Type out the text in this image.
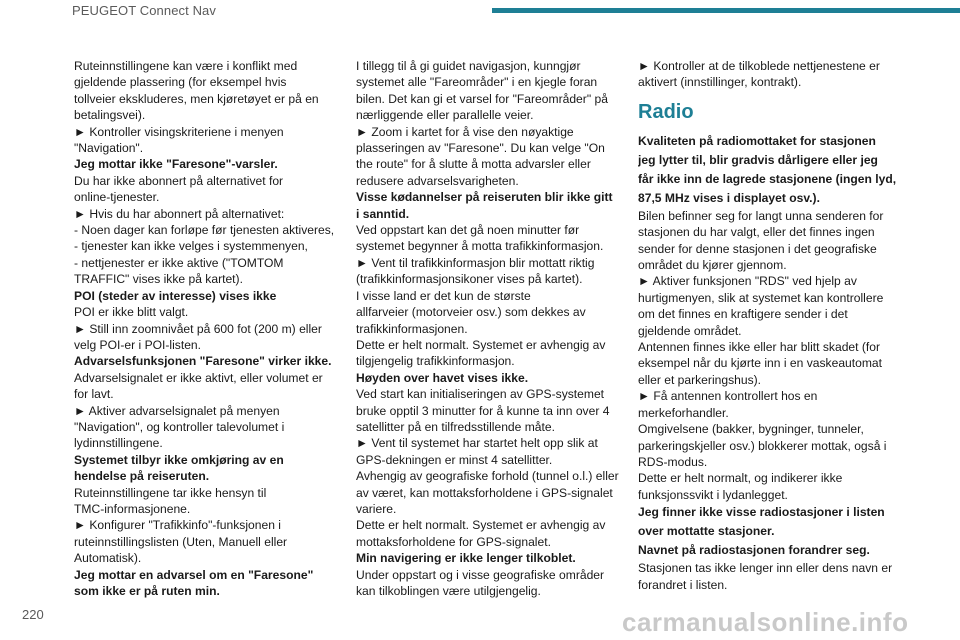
PEUGEOT Connect Nav
Ruteinnstillingene kan være i konflikt med
gjeldende plassering (for eksempel hvis
tollveier ekskluderes, men kjøretøyet er på en
betalingsvei).
► Kontroller visingskriteriene i menyen
"Navigation".
Jeg mottar ikke "Faresone"-varsler.
Du har ikke abonnert på alternativet for
online-tjenester.
► Hvis du har abonnert på alternativet:
- Noen dager kan forløpe før tjenesten aktiveres,
- tjenester kan ikke velges i systemmenyen,
- nettjenester er ikke aktive ("TOMTOM
TRAFFIC" vises ikke på kartet).
POI (steder av interesse) vises ikke
POI er ikke blitt valgt.
► Still inn zoomnivået på 600 fot (200 m) eller
velg POI-er i POI-listen.
Advarselsfunksjonen "Faresone" virker ikke.
Advarselsignalet er ikke aktivt, eller volumet er
for lavt.
► Aktiver advarselsignalet på menyen
"Navigation", og kontroller talevolumet i
lydinnstillingene.
Systemet tilbyr ikke omkjøring av en
hendelse på reiseruten.
Ruteinnstillingene tar ikke hensyn til
TMC-informasjonene.
► Konfigurer "Trafikkinfo"-funksjonen i
ruteinnstillingslisten (Uten, Manuell eller
Automatisk).
Jeg mottar en advarsel om en "Faresone"
som ikke er på ruten min.
I tillegg til å gi guidet navigasjon, kunngjør
systemet alle "Fareområder" i en kjegle foran
bilen. Det kan gi et varsel for "Fareområder" på
nærliggende eller parallelle veier.
► Zoom i kartet for å vise den nøyaktige
plasseringen av "Faresone". Du kan velge "On
the route" for å slutte å motta advarsler eller
redusere advarselsvarigheten.
Visse kødannelser på reiseruten blir ikke gitt
i sanntid.
Ved oppstart kan det gå noen minutter før
systemet begynner å motta trafikkinformasjon.
► Vent til trafikkinformasjon blir mottatt riktig
(trafikkinformasjonsikoner vises på kartet).
I visse land er det kun de største
allfarveier (motorveier osv.) som dekkes av
trafikkinformasjonen.
Dette er helt normalt. Systemet er avhengig av
tilgjengelig trafikkinformasjon.
Høyden over havet vises ikke.
Ved start kan initialiseringen av GPS-systemet
bruke opptil 3 minutter for å kunne ta inn over 4
satellitter på en tilfredsstillende måte.
► Vent til systemet har startet helt opp slik at
GPS-dekningen er minst 4 satellitter.
Avhengig av geografiske forhold (tunnel o.l.) eller
av været, kan mottaksforholdene i GPS-signalet
variere.
Dette er helt normalt. Systemet er avhengig av
mottaksforholdene for GPS-signalet.
Min navigering er ikke lenger tilkoblet.
Under oppstart og i visse geografiske områder
kan tilkoblingen være utilgjengelig.
► Kontroller at de tilkoblede nettjenestene er
aktivert (innstillinger, kontrakt).
Radio
Kvaliteten på radiomottaket for stasjonen
jeg lytter til, blir gradvis dårligere eller jeg
får ikke inn de lagrede stasjonene (ingen lyd,
87,5 MHz vises i displayet osv.).
Bilen befinner seg for langt unna senderen for
stasjonen du har valgt, eller det finnes ingen
sender for denne stasjonen i det geografiske
området du kjører gjennom.
► Aktiver funksjonen "RDS" ved hjelp av
hurtigmenyen, slik at systemet kan kontrollere
om det finnes en kraftigere sender i det
gjeldende området.
Antennen finnes ikke eller har blitt skadet (for
eksempel når du kjørte inn i en vaskeautomat
eller et parkeringshus).
► Få antennen kontrollert hos en
merkeforhandler.
Omgivelsene (bakker, bygninger, tunneler,
parkeringskjeller osv.) blokkerer mottak, også i
RDS-modus.
Dette er helt normalt, og indikerer ikke
funksjonssvikt i lydanlegget.
Jeg finner ikke visse radiostasjoner i listen
over mottatte stasjoner.
Navnet på radiostasjonen forandrer seg.
Stasjonen tas ikke lenger inn eller dens navn er
forandret i listen.
220	carmanualsonline.info
